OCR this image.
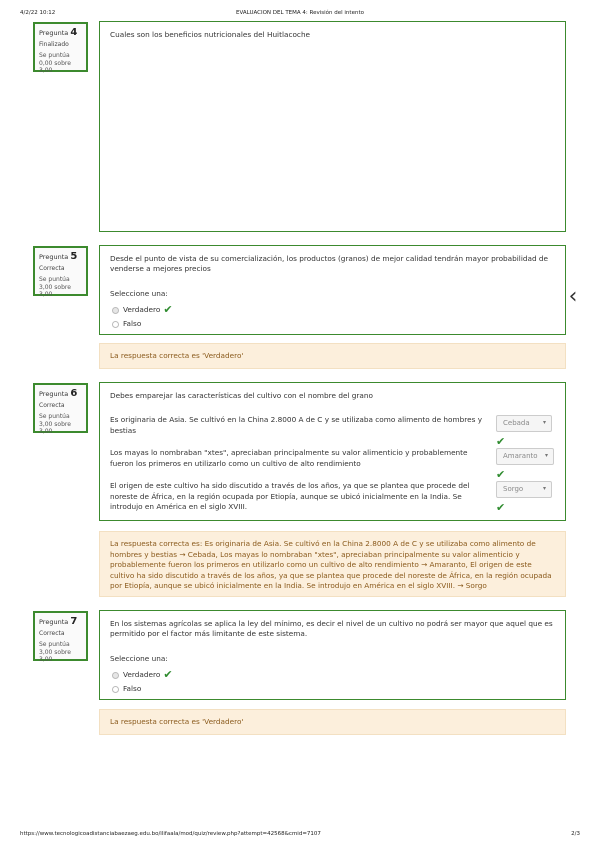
4/2/22 10:12	EVALUACION DEL TEMA 4: Revisión del intento
https://www.tecnologicoadistanciabaezaeg.edu.bo/ilifaala/mod/quiz/review.php?attempt=42568&cmid=7107	2/3
Pregunta 4
Finalizado
Se puntúa 0,00 sobre 3,00

Cuales son los beneficios nutricionales del Huitlacoche

Pregunta 5
Correcta
Se puntúa 3,00 sobre 3,00

Desde el punto de vista de su comercialización, los productos (granos) de mejor calidad tendrán mayor probabilidad de venderse a mejores precios

Seleccione una:
Verdadero ✔
Falso
La respuesta correcta es 'Verdadero'
Pregunta 6
Correcta
Se puntúa 3,00 sobre 3,00

Debes emparejar las características del cultivo con el nombre del grano

Es originaria de Asia. Se cultivó en la China 2.8000 A de C y se utilizaba como alimento de hombres y bestias
Cebada ▾
✔
Los mayas lo nombraban "xtes", apreciaban principalmente su valor alimenticio y probablemente fueron los primeros en utilizarlo como un cultivo de alto rendimiento
Amaranto ▾
✔
El origen de este cultivo ha sido discutido a través de los años, ya que se plantea que procede del noreste de África, en la región ocupada por Etiopía, aunque se ubicó inicialmente en la India. Se introdujo en América en el siglo XVIII.
Sorgo	▾
✔
La respuesta correcta es: Es originaria de Asia. Se cultivó en la China 2.8000 A de C y se utilizaba como alimento de hombres y bestias → Cebada, Los mayas lo nombraban "xtes", apreciaban principalmente su valor alimenticio y probablemente fueron los primeros en utilizarlo como un cultivo de alto rendimiento → Amaranto, El origen de este cultivo ha sido discutido a través de los años, ya que se plantea que procede del noreste de África, en la región ocupada por Etiopía, aunque se ubicó inicialmente en la India. Se introdujo en América en el siglo XVIII. → Sorgo
Pregunta 7
Correcta
Se puntúa 3,00 sobre 3,00

En los sistemas agrícolas se aplica la ley del mínimo, es decir el nivel de un cultivo no podrá ser mayor que aquel que es permitido por el factor más limitante de este sistema.

Seleccione una:
Verdadero ✔
Falso
La respuesta correcta es 'Verdadero'
‹
